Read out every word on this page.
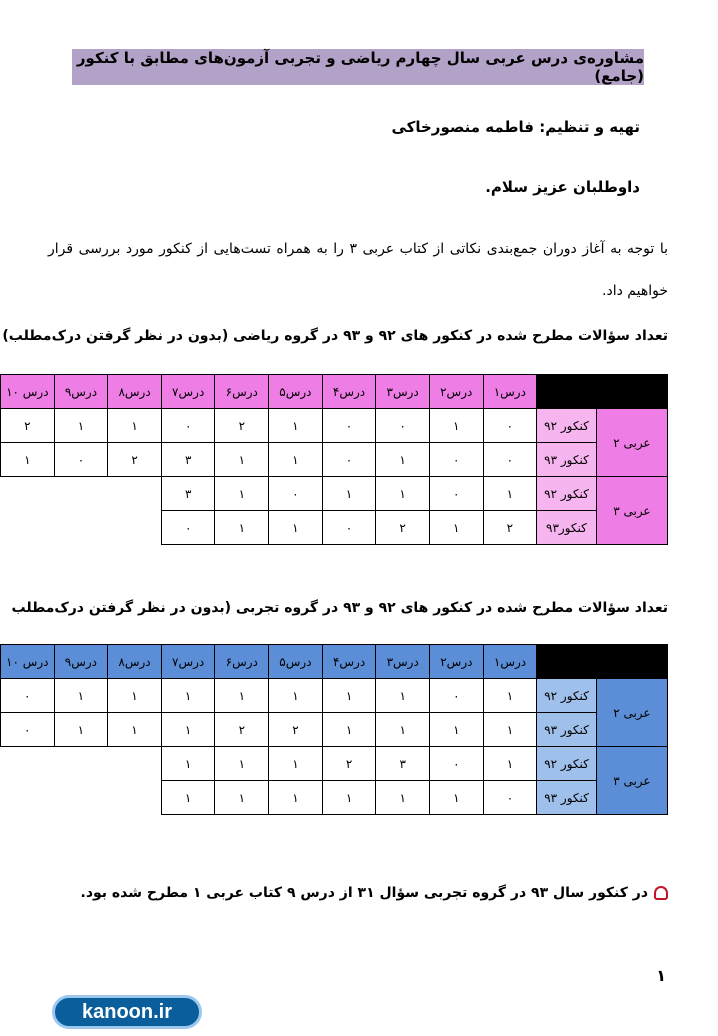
مشاوره‌ی درس عربی سال چهارم ریاضی و تجربی آزمون‌های مطابق با کنکور (جامع)
تهیه و تنظیم: فاطمه منصورخاکی
داوطلبان عزیز سلام.
با توجه به آغاز دوران جمع‌بندی نکاتی از کتاب عربی ۳ را به همراه تست‌هایی از کنکور مورد بررسی قرار خواهیم داد.
تعداد سؤالات مطرح شده در کنکور های ۹۲ و ۹۳ در گروه ریاضی (بدون در نظر گرفتن درک‌مطلب)
		درس۱	درس۲	درس۳	درس۴	درس۵	درس۶	درس۷	درس۸	درس۹	درس ۱۰
عربی ۲	کنکور ۹۲	۰	۱	۰	۰	۱	۲	۰	۱	۱	۲
	کنکور ۹۳	۰	۰	۱	۰	۱	۱	۳	۲	۰	۱
عربی ۳	کنکور ۹۲	۱	۰	۱	۱	۰	۱	۳			
	کنکور۹۳	۲	۱	۲	۰	۱	۱	۰			
تعداد سؤالات مطرح شده در کنکور های ۹۲ و ۹۳ در گروه تجربی (بدون در نظر گرفتن درک‌مطلب
		درس۱	درس۲	درس۳	درس۴	درس۵	درس۶	درس۷	درس۸	درس۹	درس ۱۰
عربی ۲	کنکور ۹۲	۱	۰	۱	۱	۱	۱	۱	۱	۱	۰
	کنکور ۹۳	۱	۱	۱	۱	۲	۲	۱	۱	۱	۰
عربی ۳	کنکور ۹۲	۱	۰	۳	۲	۱	۱	۱			
	کنکور ۹۳	۰	۱	۱	۱	۱	۱	۱			
در کنکور سال ۹۳ در گروه تجربی سؤال ۳۱ از درس ۹ کتاب عربی ۱ مطرح شده بود.
۱
kanoon.ir
